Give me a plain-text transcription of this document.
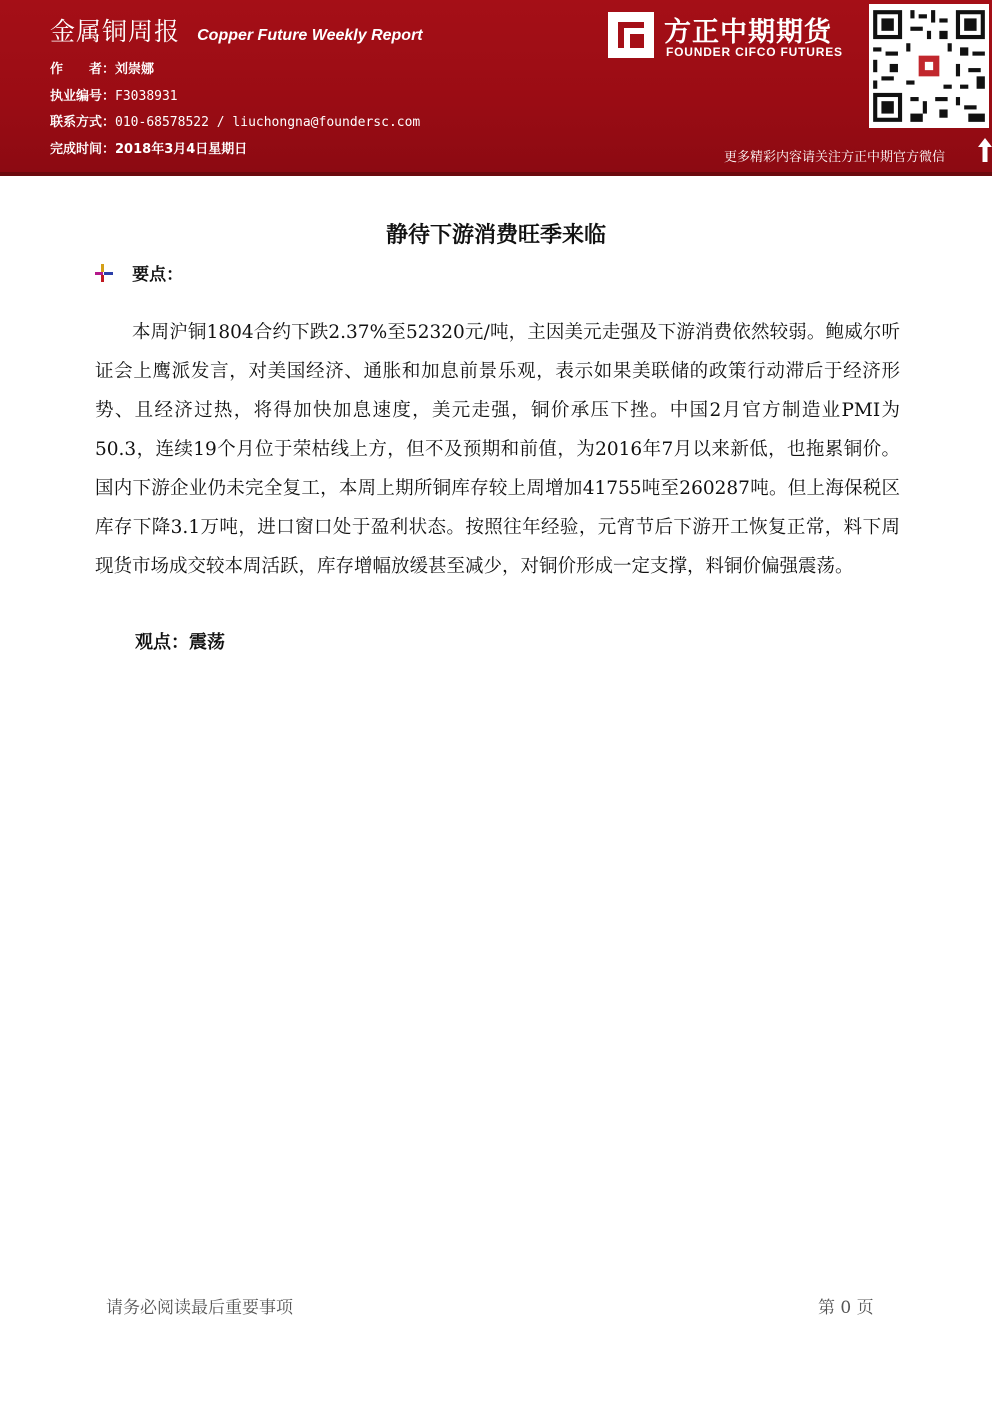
金属铜周报 Copper Future Weekly Report
作　　者：刘崇娜
执业编号：F3038931
联系方式：010-68578522 / liuchongna@foundersc.com
完成时间：2018年3月4日星期日
方正中期期货
FOUNDER CIFCO FUTURES
更多精彩内容请关注方正中期官方微信
静待下游消费旺季来临
要点：

本周沪铜1804合约下跌2.37%至52320元/吨，主因美元走强及下游消费依然较弱。鲍威尔听证会上鹰派发言，对美国经济、通胀和加息前景乐观，表示如果美联储的政策行动滞后于经济形势、且经济过热，将得加快加息速度，美元走强，铜价承压下挫。中国2月官方制造业PMI为50.3，连续19个月位于荣枯线上方，但不及预期和前值，为2016年7月以来新低，也拖累铜价。国内下游企业仍未完全复工，本周上期所铜库存较上周增加41755吨至260287吨。但上海保税区库存下降3.1万吨，进口窗口处于盈利状态。按照往年经验，元宵节后下游开工恢复正常，料下周现货市场成交较本周活跃，库存增幅放缓甚至减少，对铜价形成一定支撑，料铜价偏强震荡。

观点：震荡
请务必阅读最后重要事项	第 0 页
